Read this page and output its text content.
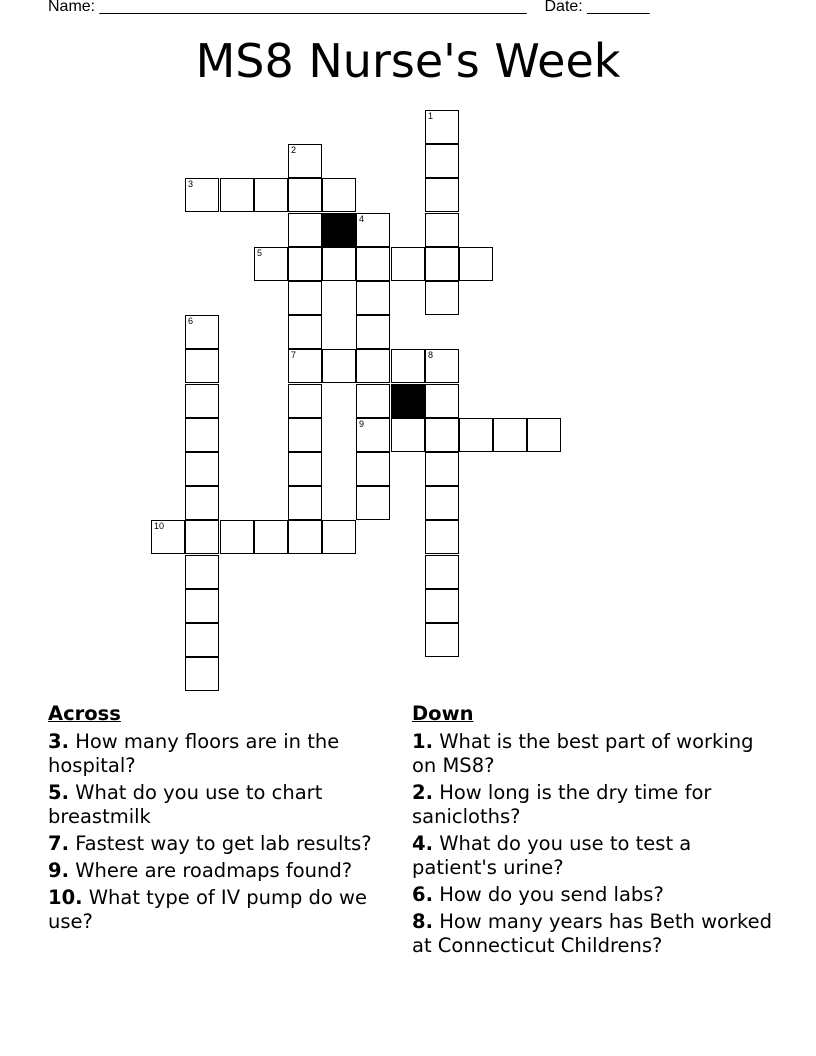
Name: ________________________________________________ Date: _______
MS8 Nurse's Week
1
2
7
3
4
9
5
6
8
10
Across
3. How many floors are in the hospital?
5. What do you use to chart breastmilk
7. Fastest way to get lab results?
9. Where are roadmaps found?
10. What type of IV pump do we use?
Down
1. What is the best part of working on MS8?
2. How long is the dry time for sanicloths?
4. What do you use to test a patient's urine?
6. How do you send labs?
8. How many years has Beth worked at Connecticut Childrens?
